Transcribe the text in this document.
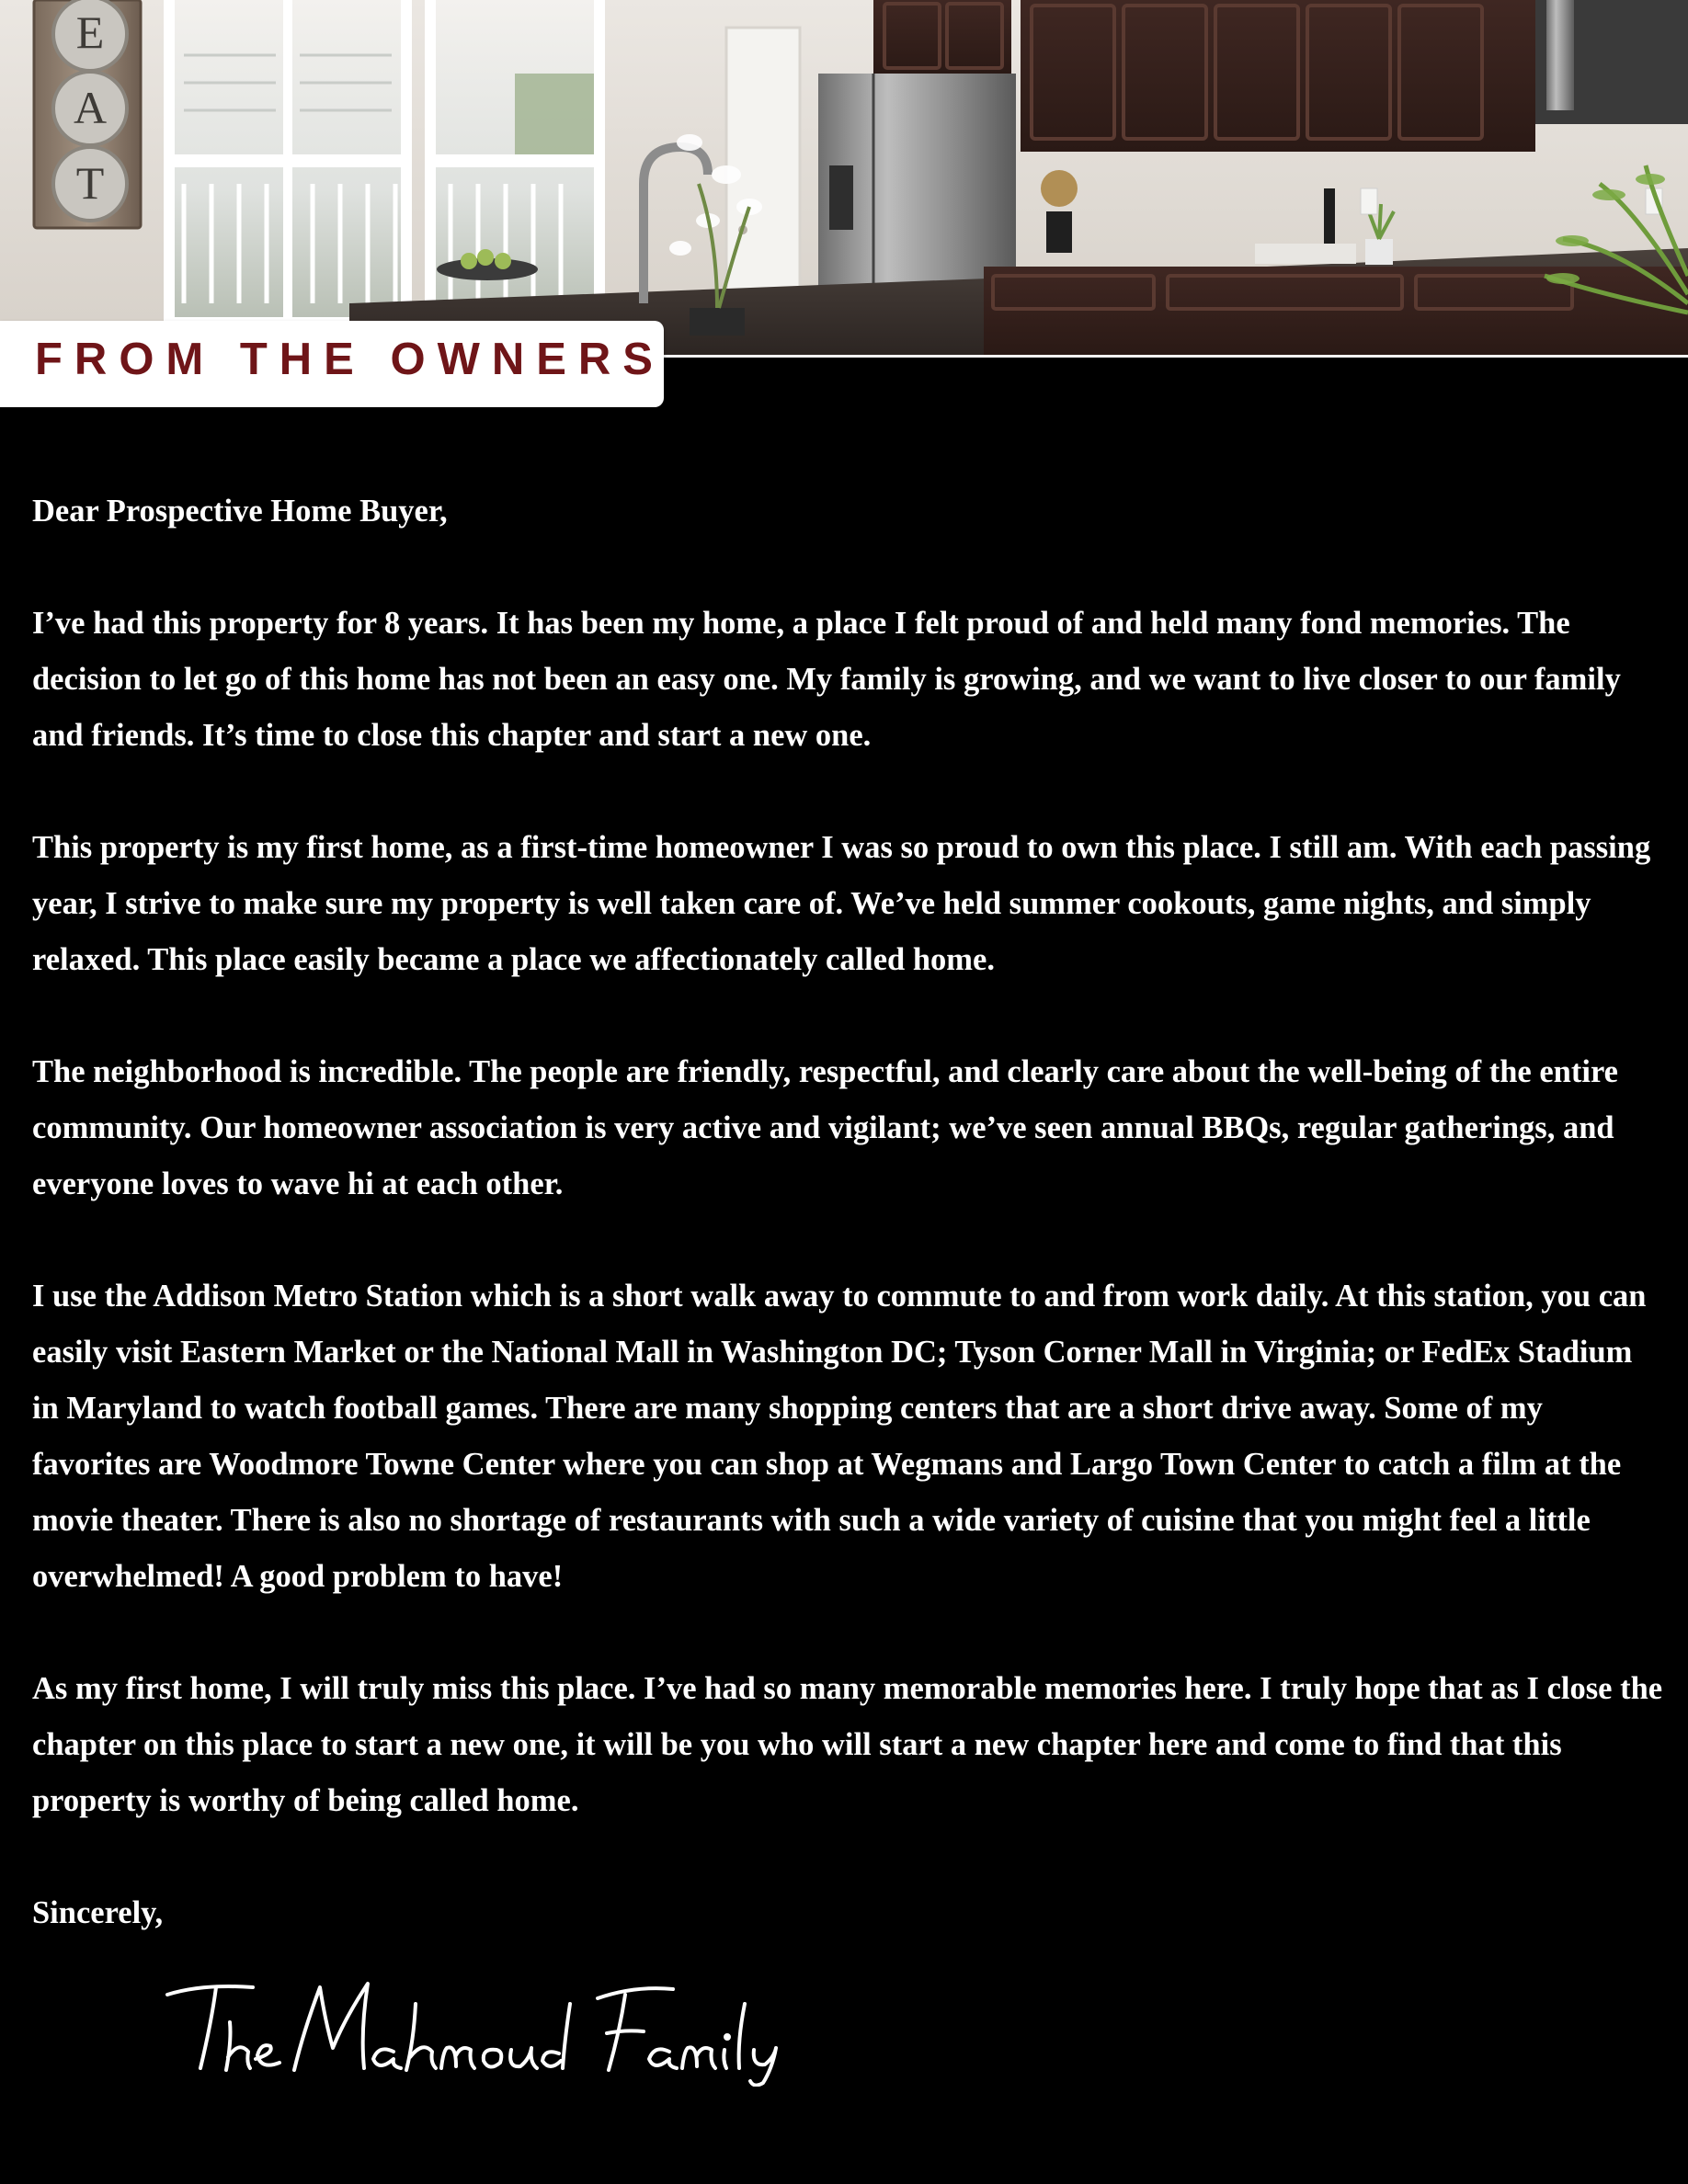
E
A
T
FROM THE OWNERS

Dear Prospective Home Buyer,

I’ve had this property for 8 years. It has been my home, a place I felt proud of and held many fond memories. The decision to let go of this home has not been an easy one. My family is growing, and we want to live closer to our family and friends. It’s time to close this chapter and start a new one.

This property is my first home, as a first-time homeowner I was so proud to own this place. I still am. With each passing year, I strive to make sure my property is well taken care of. We’ve held summer cookouts, game nights, and simply relaxed. This place easily became a place we affectionately called home.

The neighborhood is incredible. The people are friendly, respectful, and clearly care about the well-being of the entire community. Our homeowner association is very active and vigilant; we’ve seen annual BBQs, regular gatherings, and everyone loves to wave hi at each other.

I use the Addison Metro Station which is a short walk away to commute to and from work daily. At this station, you can easily visit Eastern Market or the National Mall in Washington DC; Tyson Corner Mall in Virginia; or FedEx Stadium in Maryland to watch football games. There are many shopping centers that are a short drive away. Some of my favorites are Woodmore Towne Center where you can shop at Wegmans and Largo Town Center to catch a film at the movie theater. There is also no shortage of restaurants with such a wide variety of cuisine that you might feel a little overwhelmed! A good problem to have!

As my first home, I will truly miss this place. I’ve had so many memorable memories here. I truly hope that as I close the chapter on this place to start a new one, it will be you who will start a new chapter here and come to find that this property is worthy of being called home.

Sincerely,
